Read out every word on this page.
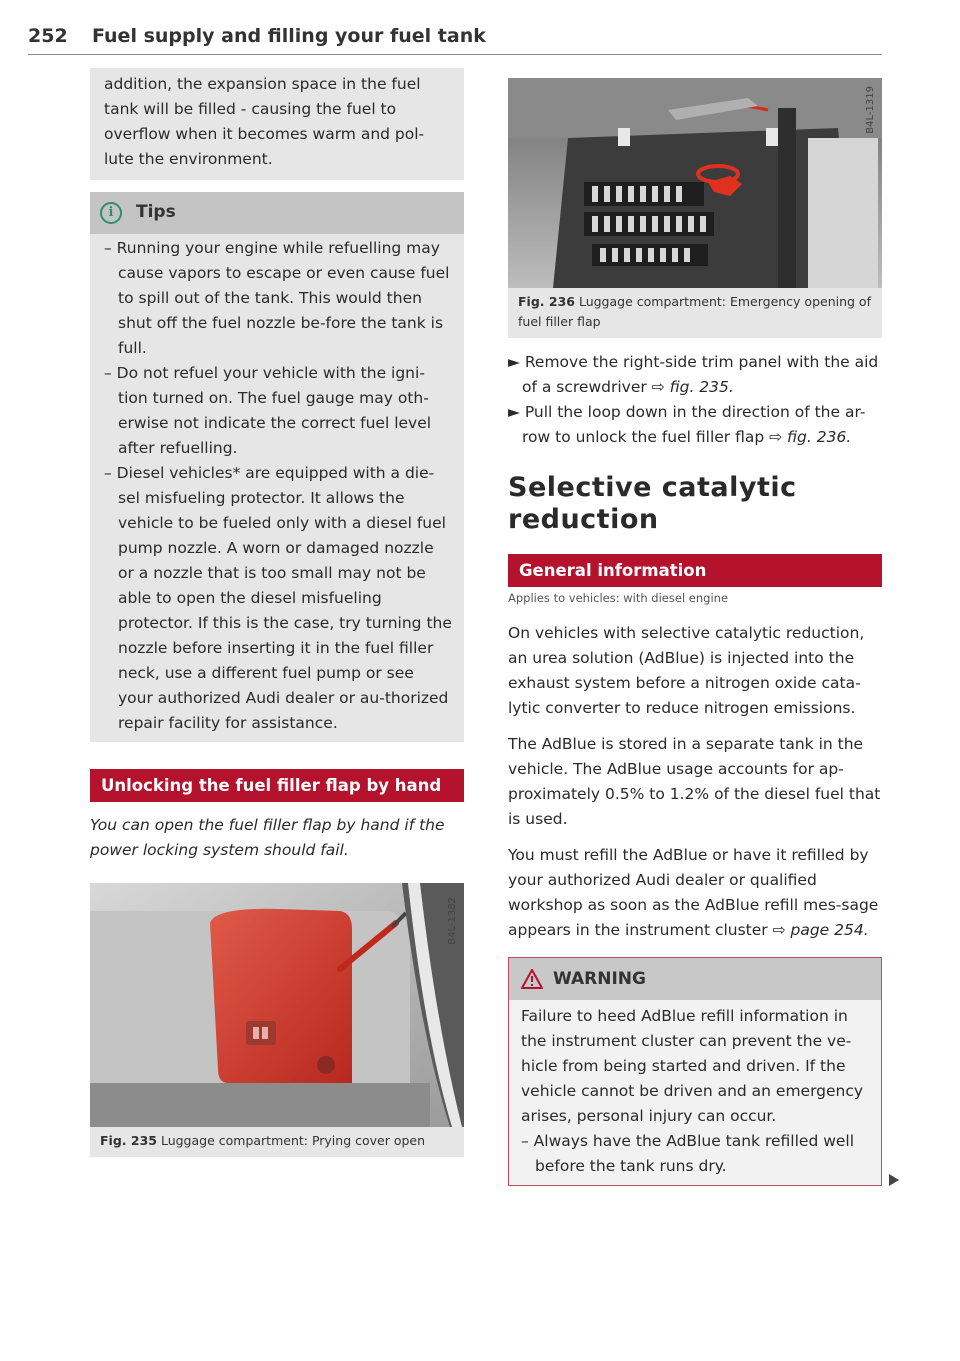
252 Fuel supply and filling your fuel tank
addition, the expansion space in the fuel tank will be filled - causing the fuel to overflow when it becomes warm and pol-lute the environment.
i	Tips
– Running your engine while refuelling may cause vapors to escape or even cause fuel to spill out of the tank. This would then shut off the fuel nozzle be-fore the tank is full.
– Do not refuel your vehicle with the igni-tion turned on. The fuel gauge may oth-erwise not indicate the correct fuel level after refuelling.
– Diesel vehicles* are equipped with a die-sel misfueling protector. It allows the vehicle to be fueled only with a diesel fuel pump nozzle. A worn or damaged nozzle or a nozzle that is too small may not be able to open the diesel misfueling protector. If this is the case, try turning the nozzle before inserting it in the fuel filler neck, use a different fuel pump or see your authorized Audi dealer or au-thorized repair facility for assistance.
Unlocking the fuel filler flap by hand

You can open the fuel filler flap by hand if the power locking system should fail.

B4L-1382
Fig. 235 Luggage compartment: Prying cover open
B4L-1319
Fig. 236 Luggage compartment: Emergency opening of fuel filler flap
► Remove the right-side trim panel with the aid of a screwdriver ⇨ fig. 235.
► Pull the loop down in the direction of the ar-row to unlock the fuel filler flap ⇨ fig. 236.
Selective catalytic reduction
General information
Applies to vehicles: with diesel engine

On vehicles with selective catalytic reduction, an urea solution (AdBlue) is injected into the exhaust system before a nitrogen oxide cata-lytic converter to reduce nitrogen emissions.

The AdBlue is stored in a separate tank in the vehicle. The AdBlue usage accounts for ap-proximately 0.5% to 1.2% of the diesel fuel that is used.

You must refill the AdBlue or have it refilled by your authorized Audi dealer or qualified workshop as soon as the AdBlue refill mes-sage appears in the instrument cluster ⇨ page 254.

WARNING
Failure to heed AdBlue refill information in the instrument cluster can prevent the ve-hicle from being started and driven. If the vehicle cannot be driven and an emergency arises, personal injury can occur.
– Always have the AdBlue tank refilled well before the tank runs dry.
